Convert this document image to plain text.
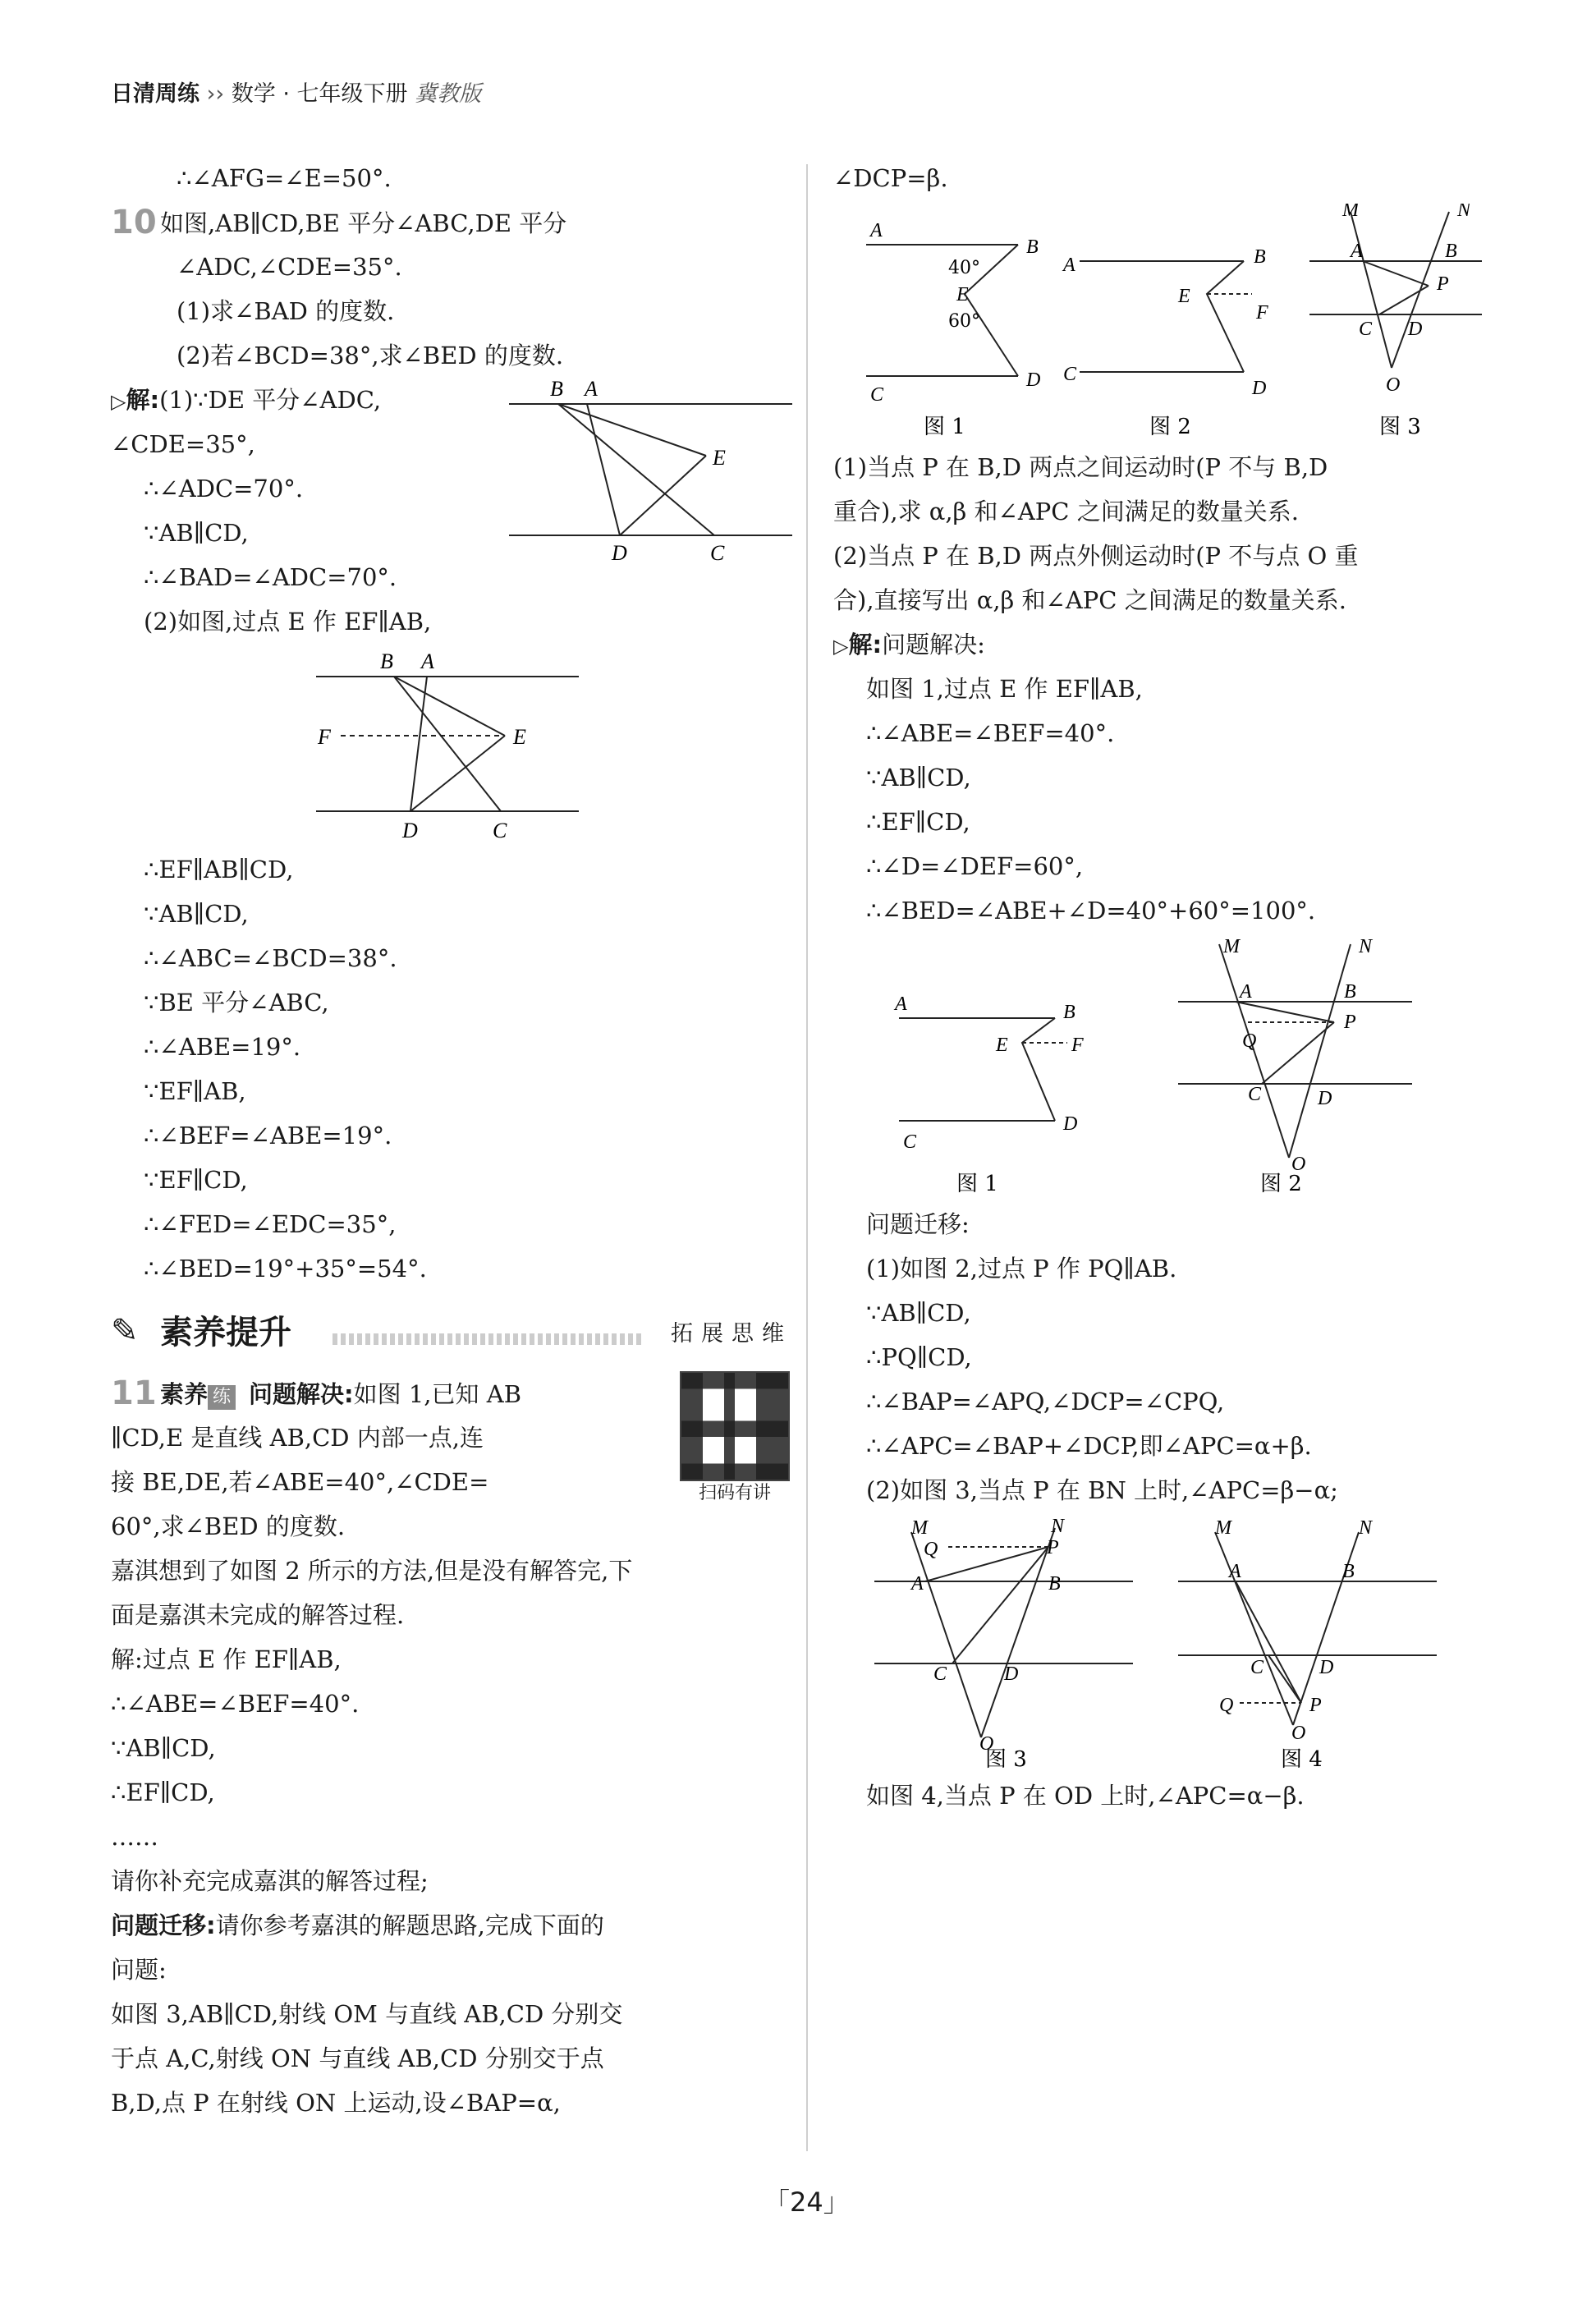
日清周练 ›› 数学 · 七年级下册 冀教版
∴∠AFG=∠E=50°.
10 如图,AB∥CD,BE 平分∠ABC,DE 平分
∠ADC,∠CDE=35°.
(1)求∠BAD 的度数.
(2)若∠BCD=38°,求∠BED 的度数.
B A
E
D	C
▷解:(1)∵DE 平分∠ADC,
∠CDE=35°,
∴∠ADC=70°.
∵AB∥CD,
∴∠BAD=∠ADC=70°.
(2)如图,过点 E 作 EF∥AB,
B A
F	E
D	C
∴EF∥AB∥CD,
∵AB∥CD,
∴∠ABC=∠BCD=38°.
∵BE 平分∠ABC,
∴∠ABE=19°.
∵EF∥AB,
∴∠BEF=∠ABE=19°.
∵EF∥CD,
∴∠FED=∠EDC=35°,
∴∠BED=19°+35°=54°.
✎ 素养提升	拓展思维
扫码有讲
11 素养 练 问题解决:如图 1,已知 AB
∥CD,E 是直线 AB,CD 内部一点,连
接 BE,DE,若∠ABE=40°,∠CDE=
60°,求∠BED 的度数.
嘉淇想到了如图 2 所示的方法,但是没有解答完,下
面是嘉淇未完成的解答过程.
解:过点 E 作 EF∥AB,
∴∠ABE=∠BEF=40°.
∵AB∥CD,
∴EF∥CD,
……
请你补充完成嘉淇的解答过程;
问题迁移:请你参考嘉淇的解题思路,完成下面的
问题:
如图 3,AB∥CD,射线 OM 与直线 AB,CD 分别交
于点 A,C,射线 ON 与直线 AB,CD 分别交于点
B,D,点 P 在射线 ON 上运动,设∠BAP=α,
∠DCP=β.
A
B
40°
E
60°
C
D
图 1
A	B
E
F
C
D
图 2
M	N
A	B
P
C D
O
图 3
(1)当点 P 在 B,D 两点之间运动时(P 不与 B,D
重合),求 α,β 和∠APC 之间满足的数量关系.
(2)当点 P 在 B,D 两点外侧运动时(P 不与点 O 重
合),直接写出 α,β 和∠APC 之间满足的数量关系.
▷解:问题解决:
如图 1,过点 E 作 EF∥AB,
∴∠ABE=∠BEF=40°.
∵AB∥CD,
∴EF∥CD,
∴∠D=∠DEF=60°,
∴∠BED=∠ABE+∠D=40°+60°=100°.
A	B
E	F
C
D
图 1
M	N
A	B
P
Q
C	D
O
图 2
问题迁移:
(1)如图 2,过点 P 作 PQ∥AB.
∵AB∥CD,
∴PQ∥CD,
∴∠BAP=∠APQ,∠DCP=∠CPQ,
∴∠APC=∠BAP+∠DCP,即∠APC=α+β.
(2)如图 3,当点 P 在 BN 上时,∠APC=β−α;
M	N
Q	P
A	B
C	D
O
图 3
M	N
A	B
C	D
Q	P
O
图 4
如图 4,当点 P 在 OD 上时,∠APC=α−β.
「24」
